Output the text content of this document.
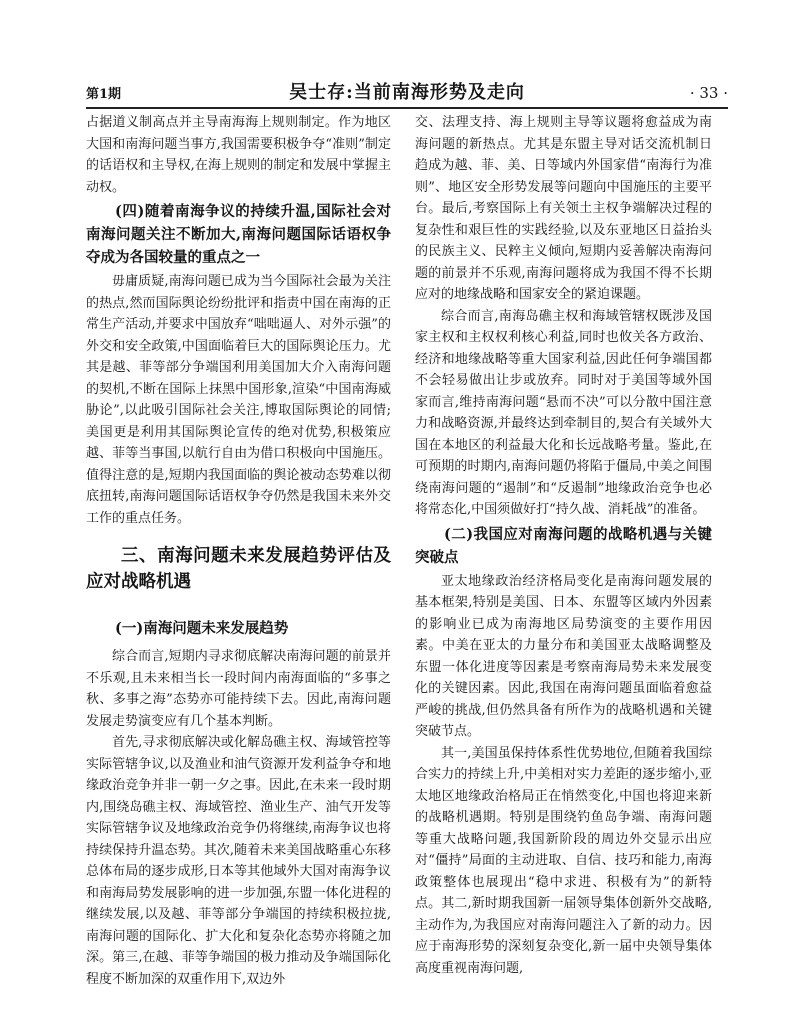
第1期	吴士存:当前南海形势及走向	· 33 ·

占据道义制高点并主导南海海上规则制定。作为地区大国和南海问题当事方,我国需要积极争夺“准则”制定的话语权和主导权,在海上规则的制定和发展中掌握主动权。

(四)随着南海争议的持续升温,国际社会对南海问题关注不断加大,南海问题国际话语权争夺成为各国较量的重点之一

毋庸质疑,南海问题已成为当今国际社会最为关注的热点,然而国际舆论纷纷批评和指责中国在南海的正常生产活动,并要求中国放弃“咄咄逼人、对外示强”的外交和安全政策,中国面临着巨大的国际舆论压力。尤其是越、菲等部分争端国利用美国加大介入南海问题的契机,不断在国际上抹黑中国形象,渲染“中国南海威胁论”,以此吸引国际社会关注,博取国际舆论的同情;美国更是利用其国际舆论宣传的绝对优势,积极策应越、菲等当事国,以航行自由为借口积极向中国施压。值得注意的是,短期内我国面临的舆论被动态势难以彻底扭转,南海问题国际话语权争夺仍然是我国未来外交工作的重点任务。

三、南海问题未来发展趋势评估及应对战略机遇

(一)南海问题未来发展趋势

综合而言,短期内寻求彻底解决南海问题的前景并不乐观,且未来相当长一段时间内南海面临的“多事之秋、多事之海”态势亦可能持续下去。因此,南海问题发展走势演变应有几个基本判断。

首先,寻求彻底解决或化解岛礁主权、海域管控等实际管辖争议,以及渔业和油气资源开发利益争夺和地缘政治竞争并非一朝一夕之事。因此,在未来一段时期内,围绕岛礁主权、海域管控、渔业生产、油气开发等实际管辖争议及地缘政治竞争仍将继续,南海争议也将持续保持升温态势。其次,随着未来美国战略重心东移总体布局的逐步成形,日本等其他域外大国对南海争议和南海局势发展影响的进一步加强,东盟一体化进程的继续发展,以及越、菲等部分争端国的持续积极拉拢,南海问题的国际化、扩大化和复杂化态势亦将随之加深。第三,在越、菲等争端国的极力推动及争端国际化程度不断加深的双重作用下,双边外

交、法理支持、海上规则主导等议题将愈益成为南海问题的新热点。尤其是东盟主导对话交流机制日趋成为越、菲、美、日等域内外国家借“南海行为准则”、地区安全形势发展等问题向中国施压的主要平台。最后,考察国际上有关领土主权争端解决过程的复杂性和艰巨性的实践经验,以及东亚地区日益抬头的民族主义、民粹主义倾向,短期内妥善解决南海问题的前景并不乐观,南海问题将成为我国不得不长期应对的地缘战略和国家安全的紧迫课题。

综合而言,南海岛礁主权和海域管辖权既涉及国家主权和主权权利核心利益,同时也攸关各方政治、经济和地缘战略等重大国家利益,因此任何争端国都不会轻易做出让步或放弃。同时对于美国等域外国家而言,维持南海问题“悬而不决”可以分散中国注意力和战略资源,并最终达到牵制目的,契合有关域外大国在本地区的利益最大化和长远战略考量。鉴此,在可预期的时期内,南海问题仍将陷于僵局,中美之间围绕南海问题的“遏制”和“反遏制”地缘政治竞争也必将常态化,中国须做好打“持久战、消耗战”的准备。

(二)我国应对南海问题的战略机遇与关键突破点

亚太地缘政治经济格局变化是南海问题发展的基本框架,特别是美国、日本、东盟等区域内外因素的影响业已成为南海地区局势演变的主要作用因素。中美在亚太的力量分布和美国亚太战略调整及东盟一体化进度等因素是考察南海局势未来发展变化的关键因素。因此,我国在南海问题虽面临着愈益严峻的挑战,但仍然具备有所作为的战略机遇和关键突破节点。

其一,美国虽保持体系性优势地位,但随着我国综合实力的持续上升,中美相对实力差距的逐步缩小,亚太地区地缘政治格局正在悄然变化,中国也将迎来新的战略机遇期。特别是围绕钓鱼岛争端、南海问题等重大战略问题,我国新阶段的周边外交显示出应对“僵持”局面的主动进取、自信、技巧和能力,南海政策整体也展现出“稳中求进、积极有为”的新特点。其二,新时期我国新一届领导集体创新外交战略,主动作为,为我国应对南海问题注入了新的动力。因应于南海形势的深刻复杂变化,新一届中央领导集体高度重视南海问题,
